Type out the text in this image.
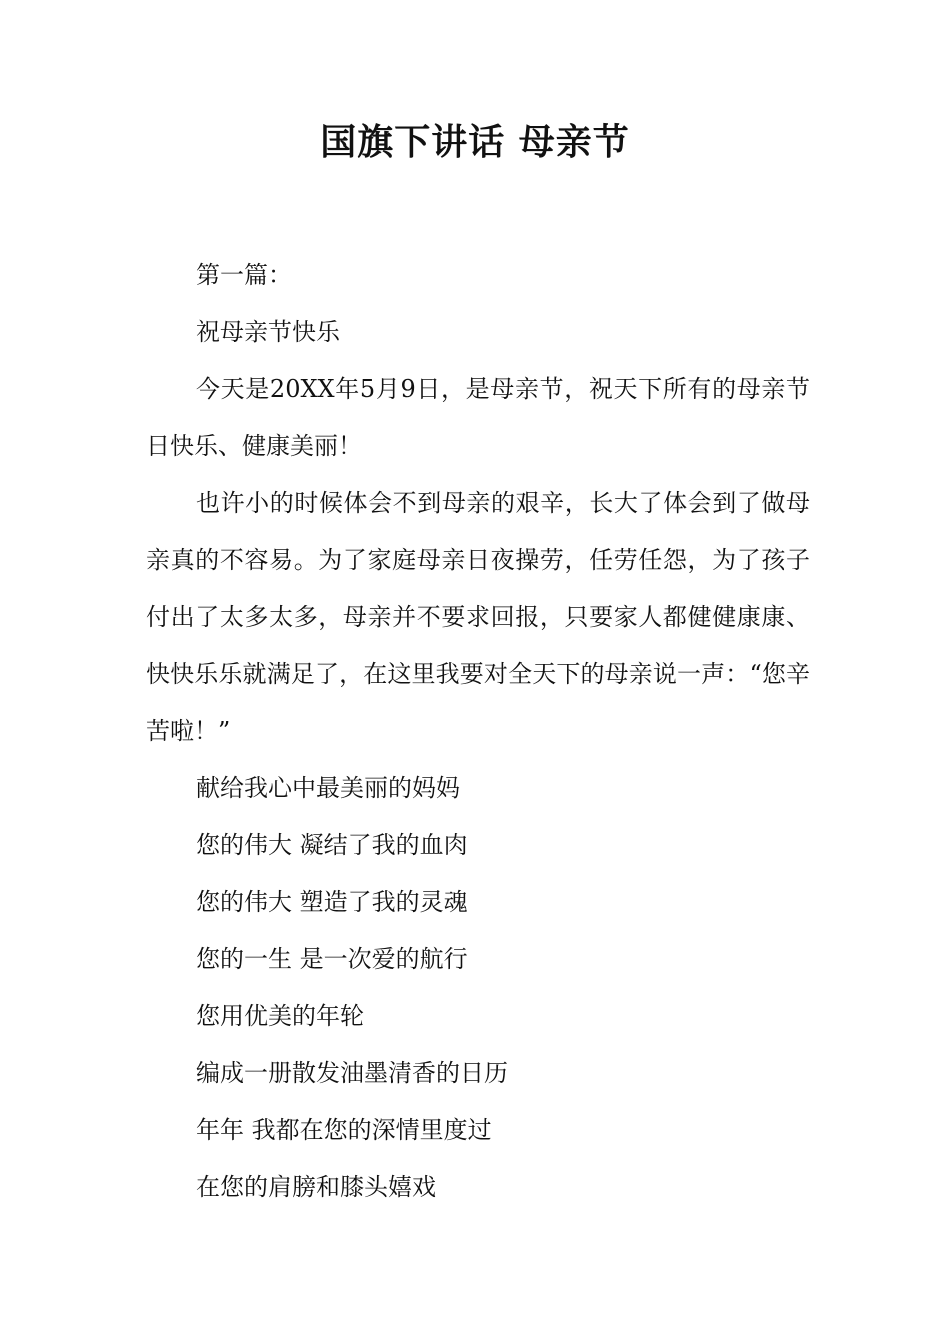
国旗下讲话 母亲节

第一篇：

祝母亲节快乐

今天是20XX年5月9日，是母亲节，祝天下所有的母亲节日快乐、健康美丽！

也许小的时候体会不到母亲的艰辛，长大了体会到了做母亲真的不容易。为了家庭母亲日夜操劳，任劳任怨，为了孩子付出了太多太多，母亲并不要求回报，只要家人都健健康康、快快乐乐就满足了，在这里我要对全天下的母亲说一声：“您辛苦啦！”

献给我心中最美丽的妈妈

您的伟大 凝结了我的血肉

您的伟大 塑造了我的灵魂

您的一生 是一次爱的航行

您用优美的年轮

编成一册散发油墨清香的日历

年年 我都在您的深情里度过

在您的肩膀和膝头嬉戏
